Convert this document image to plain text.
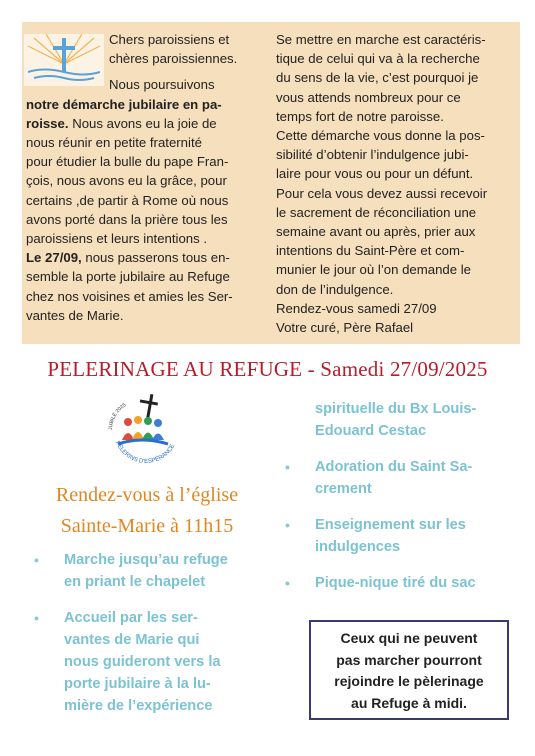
Chers paroissiens et
chères paroissiennes.
Nous poursuivons

notre démarche jubilaire en pa-
roisse. Nous avons eu la joie de
nous réunir en petite fraternité
pour étudier la bulle du pape Fran-
çois, nous avons eu la grâce, pour
certains ,de partir à Rome où nous
avons porté dans la prière tous les
paroissiens et leurs intentions .
Le 27/09, nous passerons tous en-
semble la porte jubilaire au Refuge
chez nos voisines et amies les Ser-
vantes de Marie.

Se mettre en marche est caractéris-
tique de celui qui va à la recherche
du sens de la vie, c’est pourquoi je
vous attends nombreux pour ce
temps fort de notre paroisse.
Cette démarche vous donne la pos-
sibilité d’obtenir l’indulgence jubi-
laire pour vous ou pour un défunt.
Pour cela vous devez aussi recevoir
le sacrement de réconciliation une
semaine avant ou après, prier aux
intentions du Saint-Père et com-
munier le jour où l’on demande le
don de l’indulgence.
Rendez-vous samedi 27/09
Votre curé, Père Rafael

PELERINAGE AU REFUGE - Samedi 27/09/2025
JUBILÉ 2025
PÈLERINS D'ESPÉRANCE
Rendez-vous à l’église
Sainte-Marie à 11h15
• Marche jusqu’au refuge
en priant le chapelet
• Accueil par les ser-
vantes de Marie qui
nous guideront vers la
porte jubilaire à la lu-
mière de l’expérience
spirituelle du Bx Louis-
Edouard Cestac
• Adoration du Saint Sa-
crement
• Enseignement sur les
indulgences
• Pique-nique tiré du sac
Ceux qui ne peuvent
pas marcher pourront
rejoindre le pèlerinage
au Refuge à midi.
